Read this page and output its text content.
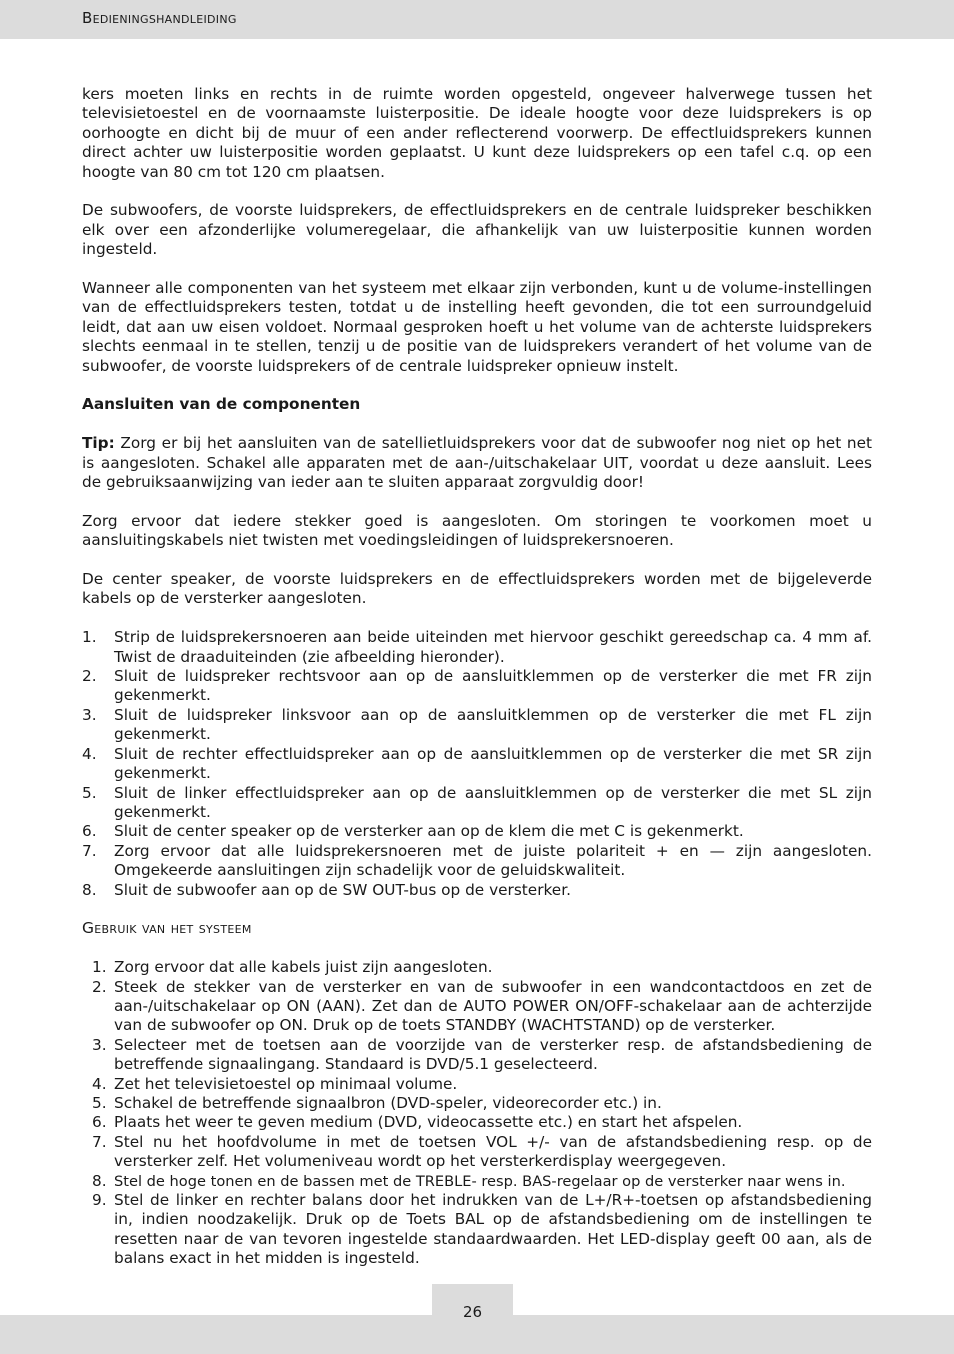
Bedieningshandleiding

kers moeten links en rechts in de ruimte worden opgesteld, ongeveer halverwege tussen het televisietoestel en de voornaamste luisterpositie. De ideale hoogte voor deze luidsprekers is op oorhoogte en dicht bij de muur of een ander reflecterend voorwerp. De effectluidsprekers kunnen direct achter uw luisterpositie worden geplaatst. U kunt deze luidsprekers op een tafel c.q. op een hoogte van 80 cm tot 120 cm plaatsen.

De subwoofers, de voorste luidsprekers, de effectluidsprekers en de centrale luidspreker beschikken elk over een afzonderlijke volumeregelaar, die afhankelijk van uw luisterpositie kunnen worden ingesteld.

Wanneer alle componenten van het systeem met elkaar zijn verbonden, kunt u de volume-instellingen van de effectluidsprekers testen, totdat u de instelling heeft gevonden, die tot een surroundgeluid leidt, dat aan uw eisen voldoet. Normaal gesproken hoeft u het volume van de achterste luidsprekers slechts eenmaal in te stellen, tenzij u de positie van de luidsprekers verandert of het volume van de subwoofer, de voorste luidsprekers of de centrale luidspreker opnieuw instelt.

Aansluiten van de componenten

Tip: Zorg er bij het aansluiten van de satellietluidsprekers voor dat de subwoofer nog niet op het net is aangesloten. Schakel alle apparaten met de aan-/uitschakelaar UIT, voordat u deze aansluit. Lees de gebruiksaanwijzing van ieder aan te sluiten apparaat zorgvuldig door!

Zorg ervoor dat iedere stekker goed is aangesloten. Om storingen te voorkomen moet u aansluitingskabels niet twisten met voedingsleidingen of luidsprekersnoeren.

De center speaker, de voorste luidsprekers en de effectluidsprekers worden met de bijgeleverde kabels op de versterker aangesloten.

1. Strip de luidsprekersnoeren aan beide uiteinden met hiervoor geschikt gereedschap ca. 4 mm af. Twist de draaduiteinden (zie afbeelding hieronder).
2. Sluit de luidspreker rechtsvoor aan op de aansluitklemmen op de versterker die met FR zijn gekenmerkt.
3. Sluit de luidspreker linksvoor aan op de aansluitklemmen op de versterker die met FL zijn gekenmerkt.
4. Sluit de rechter effectluidspreker aan op de aansluitklemmen op de versterker die met SR zijn gekenmerkt.
5. Sluit de linker effectluidspreker aan op de aansluitklemmen op de versterker die met SL zijn gekenmerkt.
6. Sluit de center speaker op de versterker aan op de klem die met C is gekenmerkt.
7. Zorg ervoor dat alle luidsprekersnoeren met de juiste polariteit + en — zijn aangesloten. Omgekeerde aansluitingen zijn schadelijk voor de geluidskwaliteit.
8. Sluit de subwoofer aan op de SW OUT-bus op de versterker.

Gebruik van het systeem

1. Zorg ervoor dat alle kabels juist zijn aangesloten.
2. Steek de stekker van de versterker en van de subwoofer in een wandcontactdoos en zet de aan-/uitschakelaar op ON (AAN). Zet dan de AUTO POWER ON/OFF-schakelaar aan de achterzijde van de subwoofer op ON. Druk op de toets STANDBY (WACHTSTAND) op de versterker.
3. Selecteer met de toetsen aan de voorzijde van de versterker resp. de afstandsbediening de betreffende signaalingang. Standaard is DVD/5.1 geselecteerd.
4. Zet het televisietoestel op minimaal volume.
5. Schakel de betreffende signaalbron (DVD-speler, videorecorder etc.) in.
6. Plaats het weer te geven medium (DVD, videocassette etc.) en start het afspelen.
7. Stel nu het hoofdvolume in met de toetsen VOL +/- van de afstandsbediening resp. op de versterker zelf. Het volumeniveau wordt op het versterkerdisplay weergegeven.
8. Stel de hoge tonen en de bassen met de TREBLE- resp. BAS-regelaar op de versterker naar wens in.
9. Stel de linker en rechter balans door het indrukken van de L+/R+-toetsen op afstandsbediening in, indien noodzakelijk. Druk op de Toets BAL op de afstandsbediening om de instellingen te resetten naar de van tevoren ingestelde standaardwaarden. Het LED-display geeft 00 aan, als de balans exact in het midden is ingesteld.
26
